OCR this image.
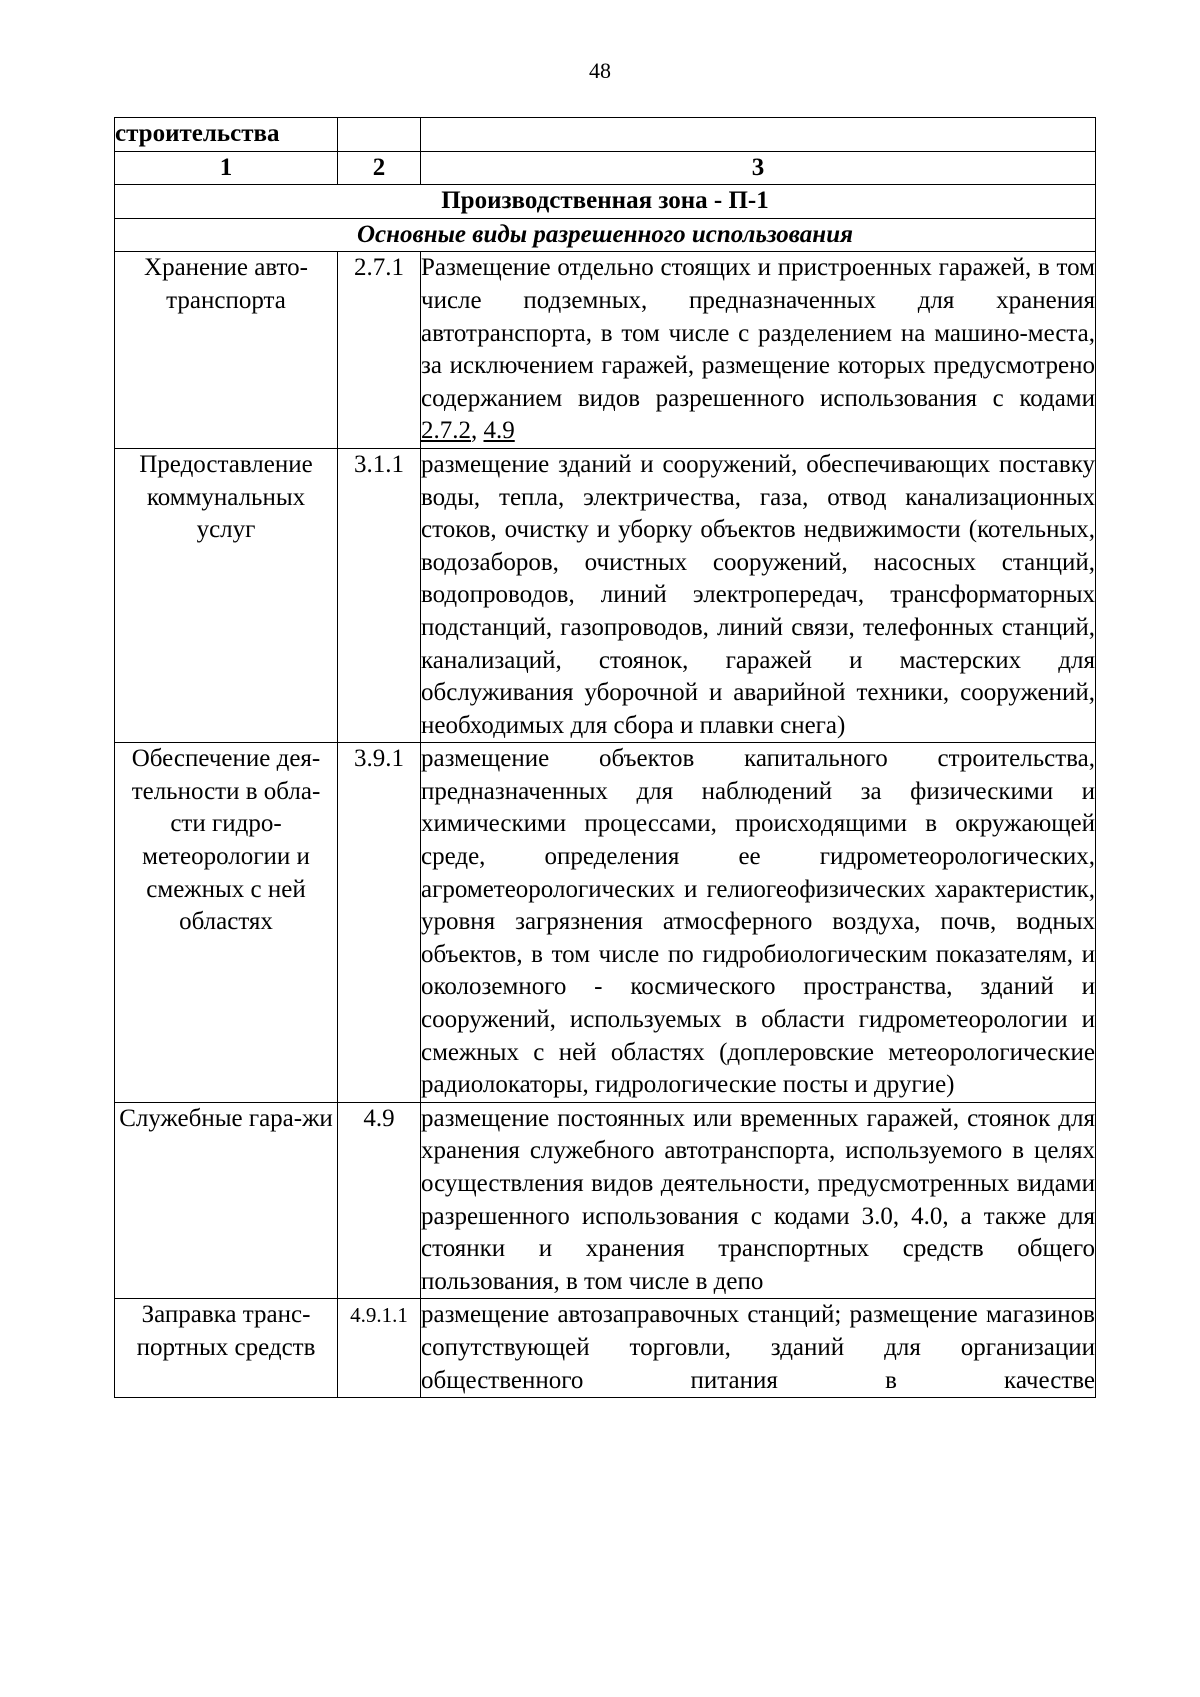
48
строительства		
1	2	3
Производственная зона - П-1		
Основные виды разрешенного использования		
Хранение авто-транспорта	2.7.1	Размещение отдельно стоящих и пристроенных гаражей, в том числе подземных, предназначенных для хранения автотранспорта, в том числе с разделением на машино-места, за исключением гаражей, размещение которых предусмотрено содержанием видов разрешенного использования с кодами 2.7.2, 4.9
Предоставление коммунальных услуг	3.1.1	размещение зданий и сооружений, обеспечивающих поставку воды, тепла, электричества, газа, отвод канализационных стоков, очистку и уборку объектов недвижимости (котельных, водозаборов, очистных сооружений, насосных станций, водопроводов, линий электропередач, трансформаторных подстанций, газопроводов, линий связи, телефонных станций, канализаций, стоянок, гаражей и мастерских для обслуживания уборочной и аварийной техники, сооружений, необходимых для сбора и плавки снега)
Обеспечение дея-тельности в обла-сти гидро-метеорологии и смежных с ней областях	3.9.1	размещение объектов капитального строительства, предназначенных для наблюдений за физическими и химическими процессами, происходящими в окружающей среде, определения ее гидрометеорологических, агрометеорологических и гелиогеофизических характеристик, уровня загрязнения атмосферного воздуха, почв, водных объектов, в том числе по гидробиологическим показателям, и околоземного - космического пространства, зданий и сооружений, используемых в области гидрометеорологии и смежных с ней областях (доплеровские метеорологические радиолокаторы, гидрологические посты и другие)
Служебные гара-жи	4.9	размещение постоянных или временных гаражей, стоянок для хранения служебного автотранспорта, используемого в целях осуществления видов деятельности, предусмотренных видами разрешенного использования с кодами 3.0, 4.0, а также для стоянки и хранения транспортных средств общего пользования, в том числе в депо
Заправка транс-портных средств	4.9.1.1	размещение автозаправочных станций; размещение магазинов сопутствующей торговли, зданий для организации общественного питания в качестве
